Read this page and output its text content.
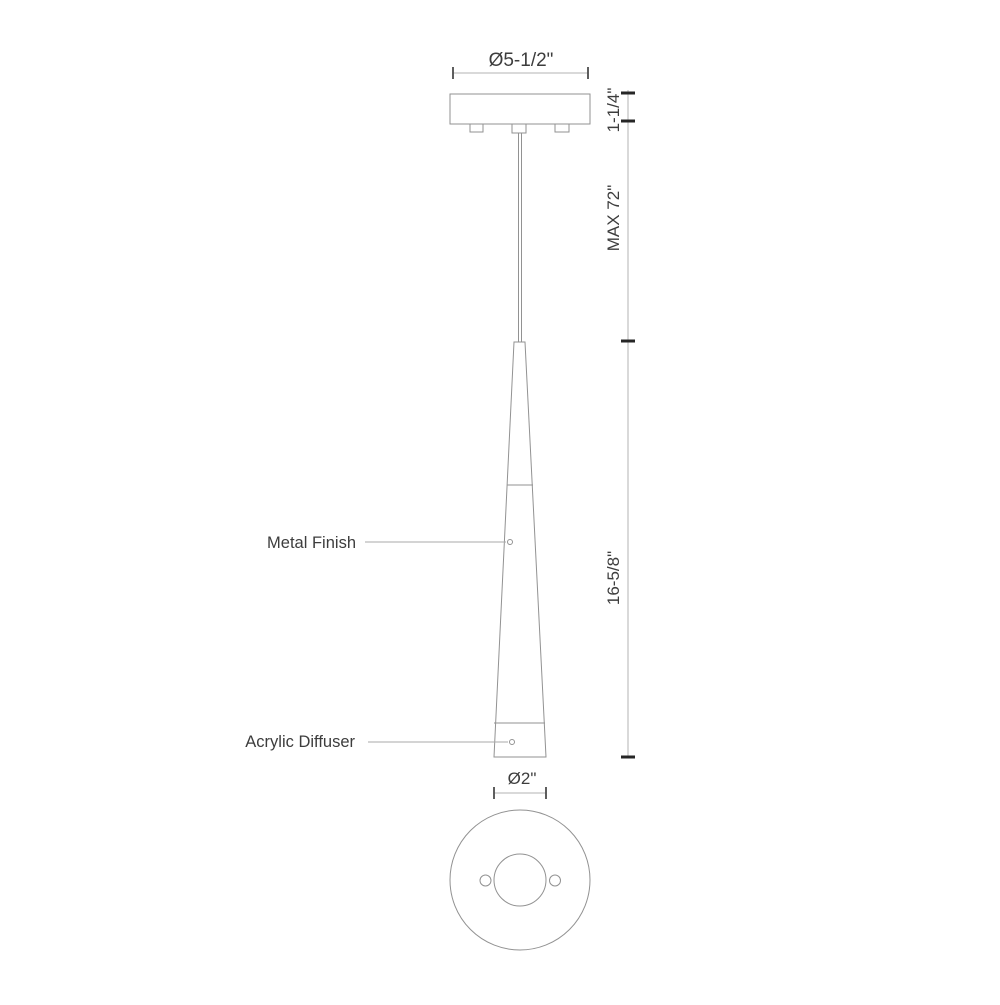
Ø5-1/2"
Metal Finish
Acrylic Diffuser
1-1/4"
MAX 72"
16-5/8"
Ø2"
